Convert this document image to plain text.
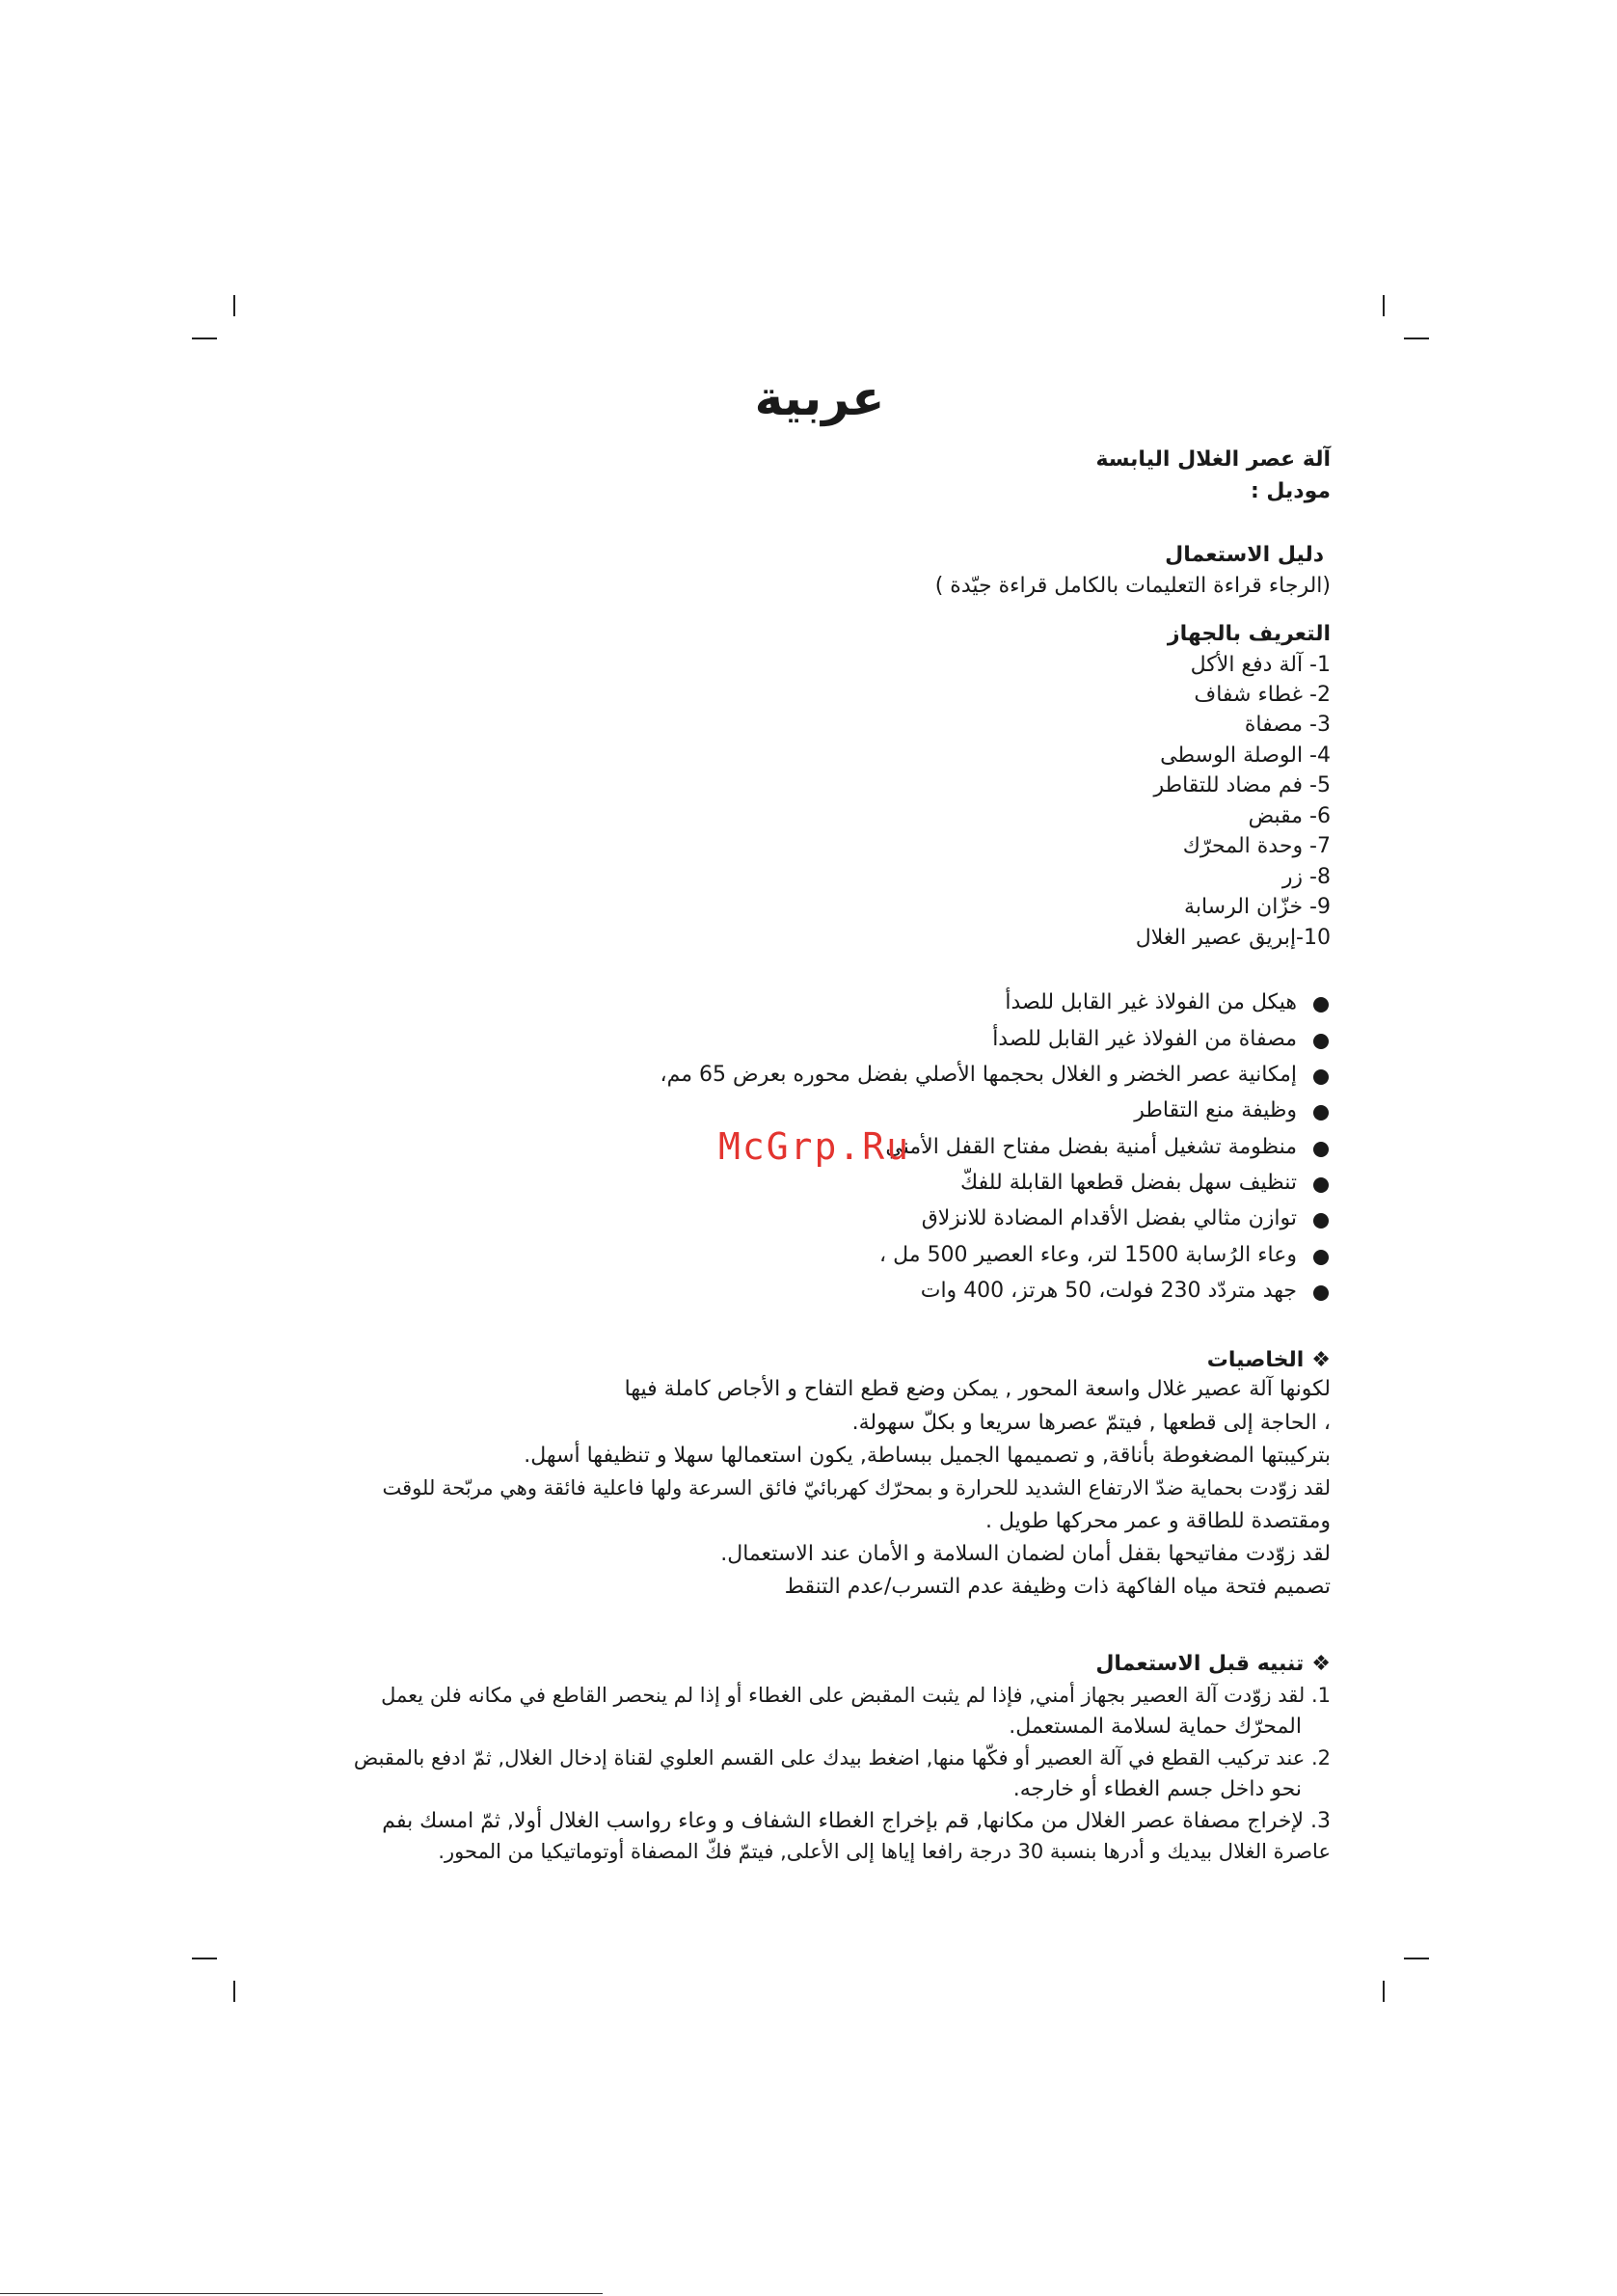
عربية
آلة عصر الغلال اليابسة
موديل :
دليل الاستعمال
(الرجاء قراءة التعليمات بالكامل قراءة جيّدة )
التعريف بالجهاز
1- آلة دفع الأكل
2- غطاء شفاف
3- مصفاة
4- الوصلة الوسطى
5- فم مضاد للتقاطر
6- مقبض
7- وحدة المحرّك
8- زر
9- خزّان الرسابة
10-إبريق عصير الغلال
هيكل من الفولاذ غير القابل للصدأ
مصفاة من الفولاذ غير القابل للصدأ
إمكانية عصر الخضر و الغلال بحجمها الأصلي بفضل محوره بعرض 65 مم،
وظيفة منع التقاطر
منظومة تشغيل أمنية بفضل مفتاح القفل الأمني
تنظيف سهل بفضل قطعها القابلة للفكّ
توازن مثالي بفضل الأقدام المضادة للانزلاق
وعاء الرُسابة 1500 لتر، وعاء العصير 500 مل ،
جهد متردّد 230 فولت، 50 هرتز، 400 وات
McGrp.Ru
❖الخاصيات
لكونها آلة عصير غلال واسعة المحور , يمكن وضع قطع التفاح و الأجاص كاملة فيها
، الحاجة إلى قطعها , فيتمّ عصرها سريعا و بكلّ سهولة.
بتركيبتها المضغوطة بأناقة, و تصميمها الجميل ببساطة, يكون استعمالها سهلا و تنظيفها أسهل.
لقد زوّدت بحماية ضدّ الارتفاع الشديد للحرارة و بمحرّك كهربائيّ فائق السرعة ولها فاعلية فائقة وهي مربّحة للوقت
ومقتصدة للطاقة و عمر محركها طويل .
لقد زوّدت مفاتيحها بقفل أمان لضمان السلامة و الأمان عند الاستعمال.
تصميم فتحة مياه الفاكهة ذات وظيفة عدم التسرب/عدم التنقط
❖تنبيه قبل الاستعمال
1. لقد زوّدت آلة العصير بجهاز أمني, فإذا لم يثبت المقبض على الغطاء أو إذا لم ينحصر القاطع في مكانه فلن يعمل
المحرّك حماية لسلامة المستعمل.
2. عند تركيب القطع في آلة العصير أو فكّها منها, اضغط بيدك على القسم العلوي لقناة إدخال الغلال, ثمّ ادفع بالمقبض
نحو داخل جسم الغطاء أو خارجه.
3. لإخراج مصفاة عصر الغلال من مكانها, قم بإخراج الغطاء الشفاف و وعاء رواسب الغلال أولا, ثمّ امسك بفم
عاصرة الغلال بيديك و أدرها بنسبة 30 درجة رافعا إياها إلى الأعلى, فيتمّ فكّ المصفاة أوتوماتيكيا من المحور.
